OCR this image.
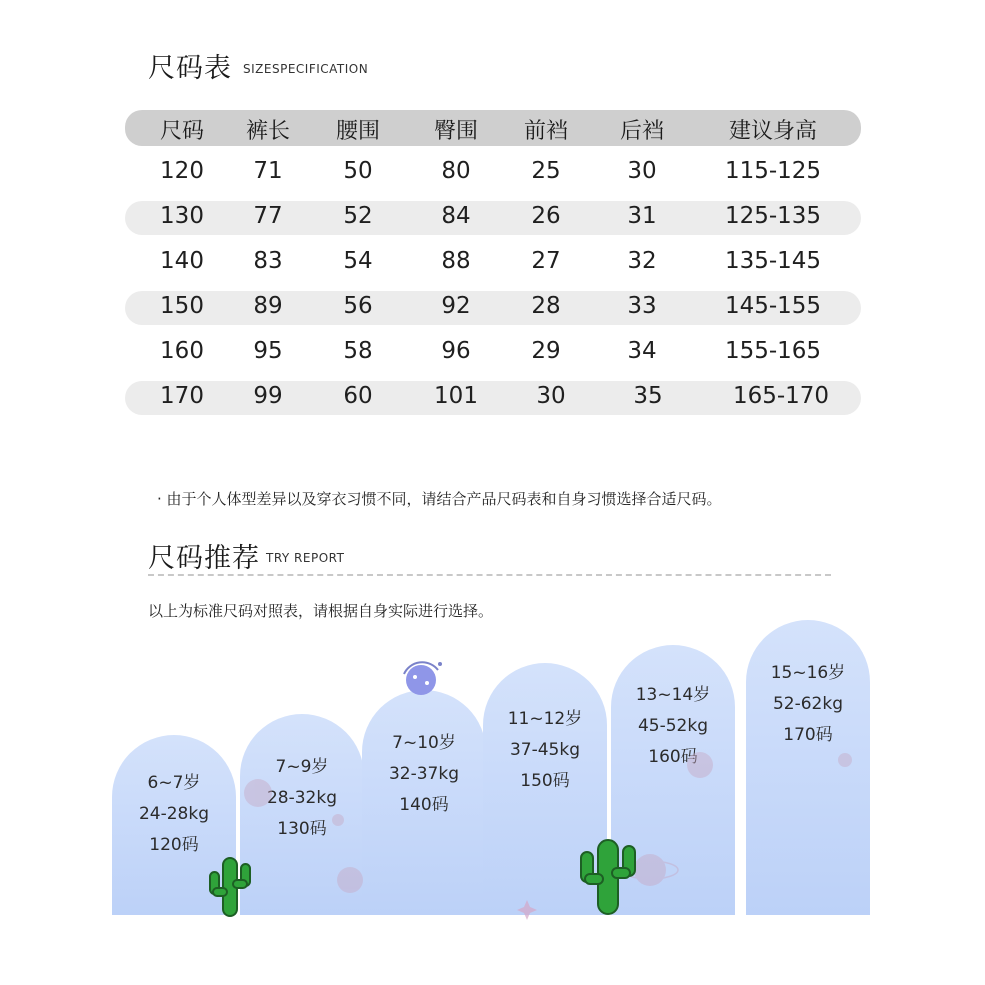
尺码表 SIZESPECIFICATION
尺码 裤长 腰围 臀围 前裆 后裆	建议身高
120 71	50	80	25	30	115-125
130 77	52	84	26	31	125-135
140 83	54	88	27	32	135-145
150 89	56	92	28	33	145-155
160 95	58	96	29	34	155-165
170 99	60	101	30	35	165-170
· 由于个人体型差异以及穿衣习惯不同，请结合产品尺码表和自身习惯选择合适尺码。
尺码推荐 TRY REPORT
以上为标准尺码对照表，请根据自身实际进行选择。
6~7岁
24-28kg
120码
7~9岁
28-32kg
130码
7~10岁
32-37kg
140码
11~12岁
37-45kg
150码
13~14岁
45-52kg
160码
15~16岁
52-62kg
170码
